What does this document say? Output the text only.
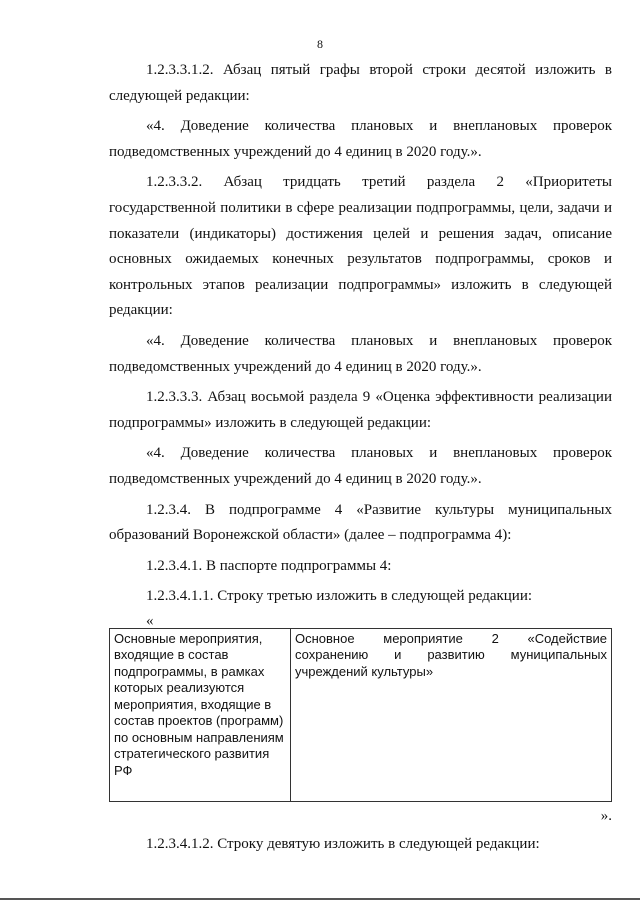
8

1.2.3.3.1.2. Абзац пятый графы второй строки десятой изложить в следующей редакции:

«4. Доведение количества плановых и внеплановых проверок подведомственных учреждений до 4 единиц в 2020 году.».

1.2.3.3.2. Абзац тридцать третий раздела 2 «Приоритеты государственной политики в сфере реализации подпрограммы, цели, задачи и показатели (индикаторы) достижения целей и решения задач, описание основных ожидаемых конечных результатов подпрограммы, сроков и контрольных этапов реализации подпрограммы» изложить в следующей редакции:

«4. Доведение количества плановых и внеплановых проверок подведомственных учреждений до 4 единиц в 2020 году.».

1.2.3.3.3. Абзац восьмой раздела 9 «Оценка эффективности реализации подпрограммы» изложить в следующей редакции:

«4. Доведение количества плановых и внеплановых проверок подведомственных учреждений до 4 единиц в 2020 году.».

1.2.3.4. В подпрограмме 4 «Развитие культуры муниципальных образований Воронежской области» (далее – подпрограмма 4):

1.2.3.4.1. В паспорте подпрограммы 4:

1.2.3.4.1.1. Строку третью изложить в следующей редакции:

«

Основные мероприятия, входящие в состав подпрограммы, в рамках которых реализуются мероприятия, входящие в состав проектов (программ) по основным направлениям стратегического развития РФ	Основное мероприятие 2 «Содействие сохранению и развитию муниципальных учреждений культуры»

».

1.2.3.4.1.2. Строку девятую изложить в следующей редакции:
